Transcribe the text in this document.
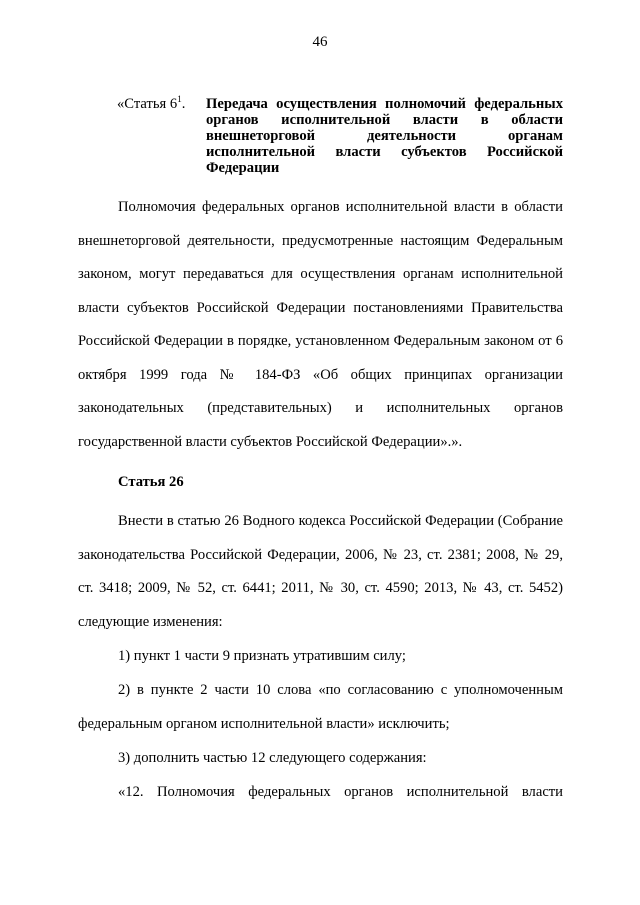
46
«Статья $6^1$. Передача осуществления полномочий федеральных органов исполнительной власти в области внешнеторговой деятельности органам исполнительной власти субъектов Российской Федерации

Полномочия федеральных органов исполнительной власти в области внешнеторговой деятельности, предусмотренные настоящим Федеральным законом, могут передаваться для осуществления органам исполнительной власти субъектов Российской Федерации постановлениями Правительства Российской Федерации в порядке, установленном Федеральным законом от 6 октября 1999 года № 184-ФЗ «Об общих принципах организации законодательных (представительных) и исполнительных органов государственной власти субъектов Российской Федерации».».

Статья 26

Внести в статью 26 Водного кодекса Российской Федерации (Собрание законодательства Российской Федерации, 2006, № 23, ст. 2381; 2008, № 29, ст. 3418; 2009, № 52, ст. 6441; 2011, № 30, ст. 4590; 2013, № 43, ст. 5452) следующие изменения:

1) пункт 1 части 9 признать утратившим силу;

2) в пункте 2 части 10 слова «по согласованию с уполномоченным федеральным органом исполнительной власти» исключить;

3) дополнить частью 12 следующего содержания:

«12. Полномочия федеральных органов исполнительной власти
